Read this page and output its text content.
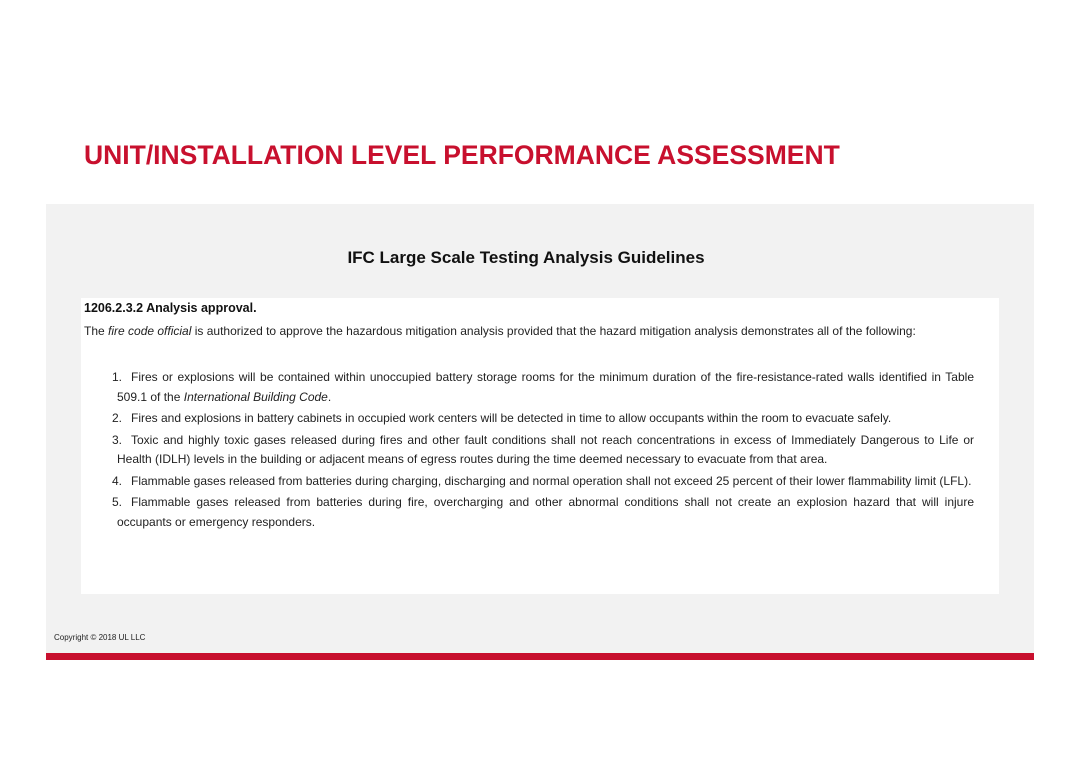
UNIT/INSTALLATION LEVEL PERFORMANCE ASSESSMENT
IFC Large Scale Testing Analysis Guidelines

1206.2.3.2 Analysis approval.

The fire code official is authorized to approve the hazardous mitigation analysis provided that the hazard mitigation analysis demonstrates all of the following:

1. Fires or explosions will be contained within unoccupied battery storage rooms for the minimum duration of the fire-resistance-rated walls identified in Table 509.1 of the International Building Code.
2. Fires and explosions in battery cabinets in occupied work centers will be detected in time to allow occupants within the room to evacuate safely.
3. Toxic and highly toxic gases released during fires and other fault conditions shall not reach concentrations in excess of Immediately Dangerous to Life or Health (IDLH) levels in the building or adjacent means of egress routes during the time deemed necessary to evacuate from that area.
4. Flammable gases released from batteries during charging, discharging and normal operation shall not exceed 25 percent of their lower flammability limit (LFL).
5. Flammable gases released from batteries during fire, overcharging and other abnormal conditions shall not create an explosion hazard that will injure occupants or emergency responders.

Copyright © 2018 UL LLC
